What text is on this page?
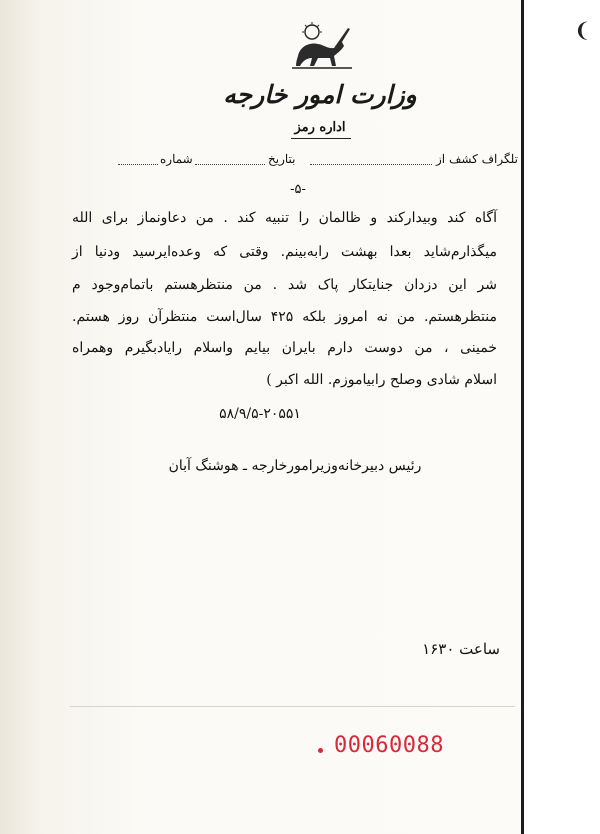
❨
وزارت امور خارجه
اداره رمز
تلگراف کشف از
بتاریخ
شماره
-۵-
آگاه کند وبیدارکند و ظالمان را تنبیه کند . من دعاونماز برای الله
میگذارم‌شاید بعدا بهشت رابه‌بینم. وقتی که وعده‌ایرسید ودنیا از
شر این دزدان جنایتکار پاک شد . من منتظرهستم باتمام‌وجود م
منتظرهستم. من نه امروز بلکه ۴۲۵ سال‌است منتظرآن روز هستم.
خمینی ، من دوست دارم بایران بیایم واسلام رایادبگیرم وهمراه
اسلام شادی وصلح رابیاموزم. الله اکبر )
۵۸/۹/۵-۲۰۵۵۱
رئیس دبیرخانه‌وزیرامورخارجه ـ هوشنگ آبان
ساعت ۱۶۳۰
00060088
